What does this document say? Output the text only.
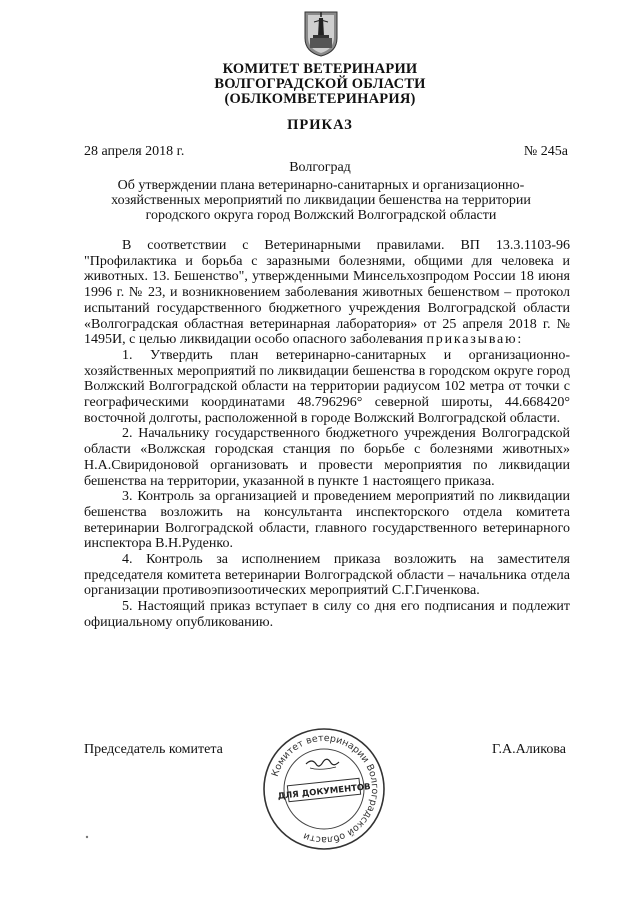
КОМИТЕТ ВЕТЕРИНАРИИ
ВОЛГОГРАДСКОЙ ОБЛАСТИ
(ОБЛКОМВЕТЕРИНАРИЯ)
ПРИКАЗ
28 апреля 2018 г.	№ 245а
Волгоград
Об утверждении плана ветеринарно-санитарных и организационно-
хозяйственных мероприятий по ликвидации бешенства на территории
городского округа город Волжский Волгоградской области

В соответствии с Ветеринарными правилами. ВП 13.3.1103-96 "Профилактика и борьба с заразными болезнями, общими для человека и животных. 13. Бешенство", утвержденными Минсельхозпродом России 18 июня 1996 г. № 23, и возникновением заболевания животных бешенством – протокол испытаний государственного бюджетного учреждения Волгоградской области «Волгоградская областная ветеринарная лаборатория» от 25 апреля 2018 г. № 1495И, с целью ликвидации особо опасного заболевания приказываю:

1. Утвердить план ветеринарно-санитарных и организационно-хозяйственных мероприятий по ликвидации бешенства в городском округе город Волжский Волгоградской области на территории радиусом 102 метра от точки с географическими координатами 48.796296° северной широты, 44.668420° восточной долготы, расположенной в городе Волжский Волгоградской области.

2. Начальнику государственного бюджетного учреждения Волгоградской области «Волжская городская станция по борьбе с болезнями животных» Н.А.Свиридоновой организовать и провести мероприятия по ликвидации бешенства на территории, указанной в пункте 1 настоящего приказа.

3. Контроль за организацией и проведением мероприятий по ликвидации бешенства возложить на консультанта инспекторского отдела комитета ветеринарии Волгоградской области, главного государственного ветеринарного инспектора В.Н.Руденко.

4. Контроль за исполнением приказа возложить на заместителя председателя комитета ветеринарии Волгоградской области – начальника отдела организации противоэпизоотических мероприятий С.Г.Гиченкова.

5. Настоящий приказ вступает в силу со дня его подписания и подлежит официальному опубликованию.

Председатель комитета	Г.А.Аликова
Комитет ветеринарии Волгоградской области
ДЛЯ ДОКУМЕНТОВ
